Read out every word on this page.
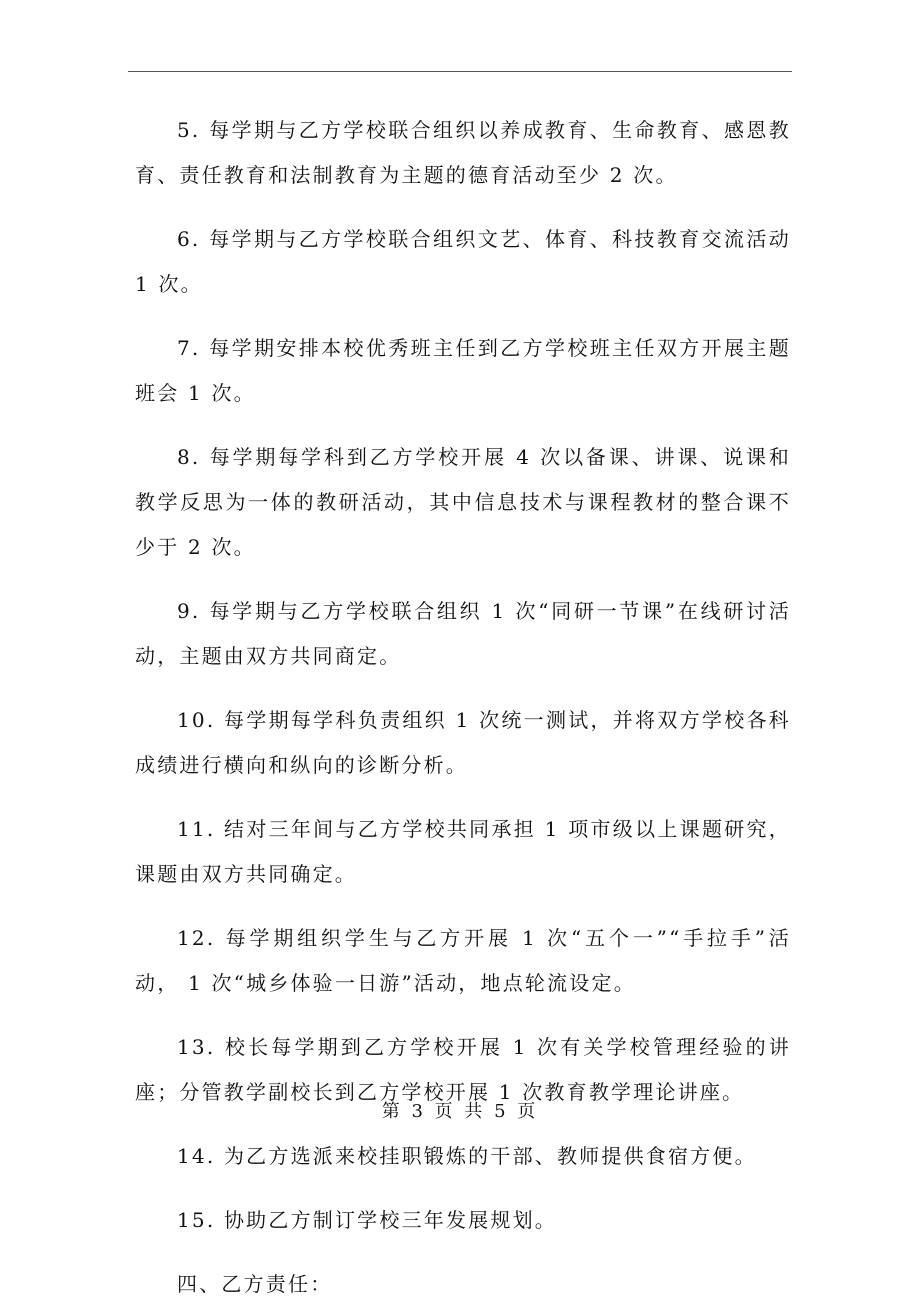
5. 每学期与乙方学校联合组织以养成教育、生命教育、感恩教育、责任教育和法制教育为主题的德育活动至少 2 次。

6. 每学期与乙方学校联合组织文艺、体育、科技教育交流活动 1 次。

7. 每学期安排本校优秀班主任到乙方学校班主任双方开展主题班会 1 次。

8. 每学期每学科到乙方学校开展 4 次以备课、讲课、说课和教学反思为一体的教研活动，其中信息技术与课程教材的整合课不少于 2 次。

9. 每学期与乙方学校联合组织 1 次“同研一节课”在线研讨活动，主题由双方共同商定。

10. 每学期每学科负责组织 1 次统一测试，并将双方学校各科成绩进行横向和纵向的诊断分析。

11. 结对三年间与乙方学校共同承担 1 项市级以上课题研究，课题由双方共同确定。

12. 每学期组织学生与乙方开展 1 次“五个一”“手拉手”活动， 1 次“城乡体验一日游”活动，地点轮流设定。

13. 校长每学期到乙方学校开展 1 次有关学校管理经验的讲座；分管教学副校长到乙方学校开展 1 次教育教学理论讲座。

14. 为乙方选派来校挂职锻炼的干部、教师提供食宿方便。

15. 协助乙方制订学校三年发展规划。

四、乙方责任：

第 3 页 共 5 页
